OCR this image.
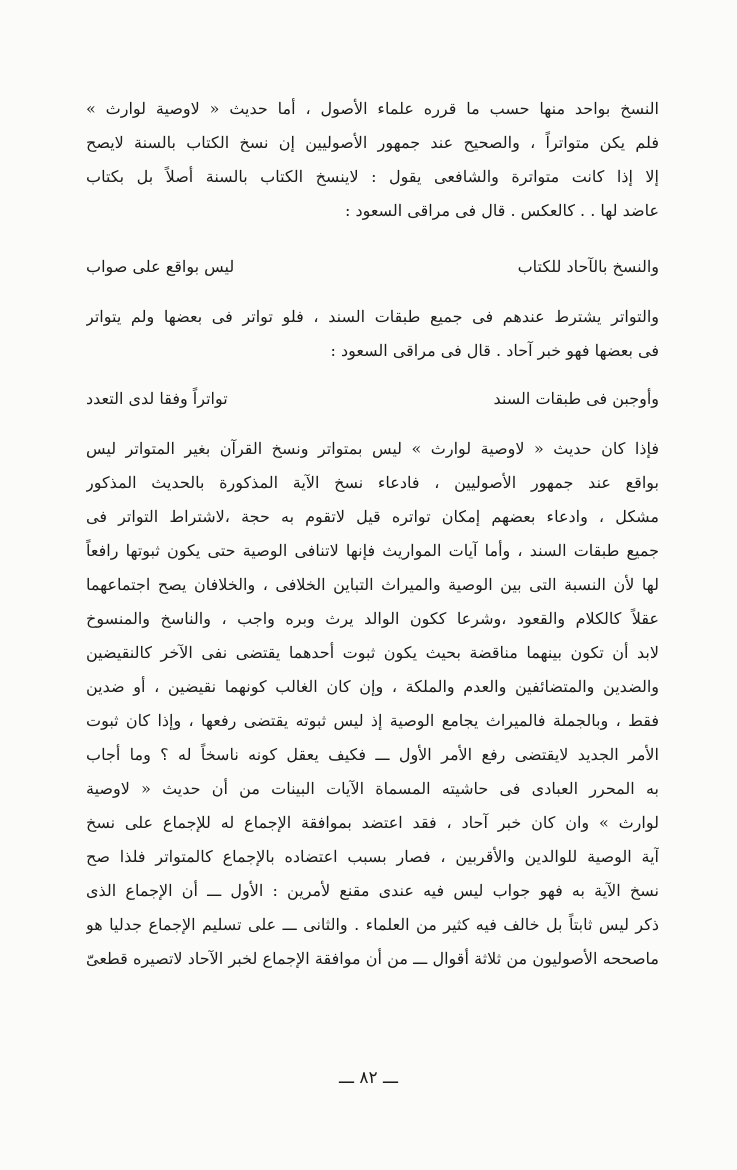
النسخ بواحد منها حسب ما قرره علماء الأصول ، أما حديث « لاوصية لوارث »
فلم يكن متواتراً ، والصحيح عند جمهور الأصوليين إن نسخ الكتاب بالسنة لايصح
إلا إذا كانت متواترة والشافعى يقول : لاينسخ الكتاب بالسنة أصلاً بل بكتاب
عاضد لها . . كالعكس . قال فى مراقى السعود :
والنسخ بالآحاد للكتاب
ليس بواقع على صواب
والتواتر يشترط عندهم فى جميع طبقات السند ، فلو تواتر فى بعضها ولم يتواتر
فى بعضها فهو خبر آحاد . قال فى مراقى السعود :
وأوجبن فى طبقات السند
تواتراً وفقا لدى التعدد
فإذا كان حديث « لاوصية لوارث » ليس بمتواتر ونسخ القرآن بغير المتواتر ليس
بواقع عند جمهور الأصوليين ، فادعاء نسخ الآية المذكورة بالحديث المذكور
مشكل ، وادعاء بعضهم إمكان تواتره قيل لاتقوم به حجة ،لاشتراط التواتر فى
جميع طبقات السند ، وأما آيات المواريث فإنها لاتنافى الوصية حتى يكون ثبوتها رافعاً
لها لأن النسبة التى بين الوصية والميراث التباين الخلافى ، والخلافان يصح اجتماعهما
عقلاً كالكلام والقعود ،وشرعا ككون الوالد يرث وبره واجب ، والناسخ والمنسوخ
لابد أن تكون بينهما مناقضة بحيث يكون ثبوت أحدهما يقتضى نفى الآخر كالنقيضين
والضدين والمتضائفين والعدم والملكة ، وإن كان الغالب كونهما نقيضين ، أو ضدين
فقط ، وبالجملة فالميراث يجامع الوصية إذ ليس ثبوته يقتضى رفعها ، وإذا كان ثبوت
الأمر الجديد لايقتضى رفع الأمر الأول ـــ فكيف يعقل كونه ناسخاً له ؟ وما أجاب
به المحرر العبادى فى حاشيته المسماة الآيات البينات من أن حديث « لاوصية
لوارث » وان كان خبر آحاد ، فقد اعتضد بموافقة الإجماع له للإجماع على نسخ
آية الوصية للوالدين والأقربين ، فصار بسبب اعتضاده بالإجماع كالمتواتر فلذا صح
نسخ الآية به فهو جواب ليس فيه عندى مقنع لأمرين : الأول ـــ أن الإجماع الذى
ذكر ليس ثابتاً بل خالف فيه كثير من العلماء . والثانى ـــ على تسليم الإجماع جدليا هو
ماصححه الأصوليون من ثلاثة أقوال ـــ من أن موافقة الإجماع لخبر الآحاد لاتصيره قطعىّ
ـــ ٨٢ ـــ
